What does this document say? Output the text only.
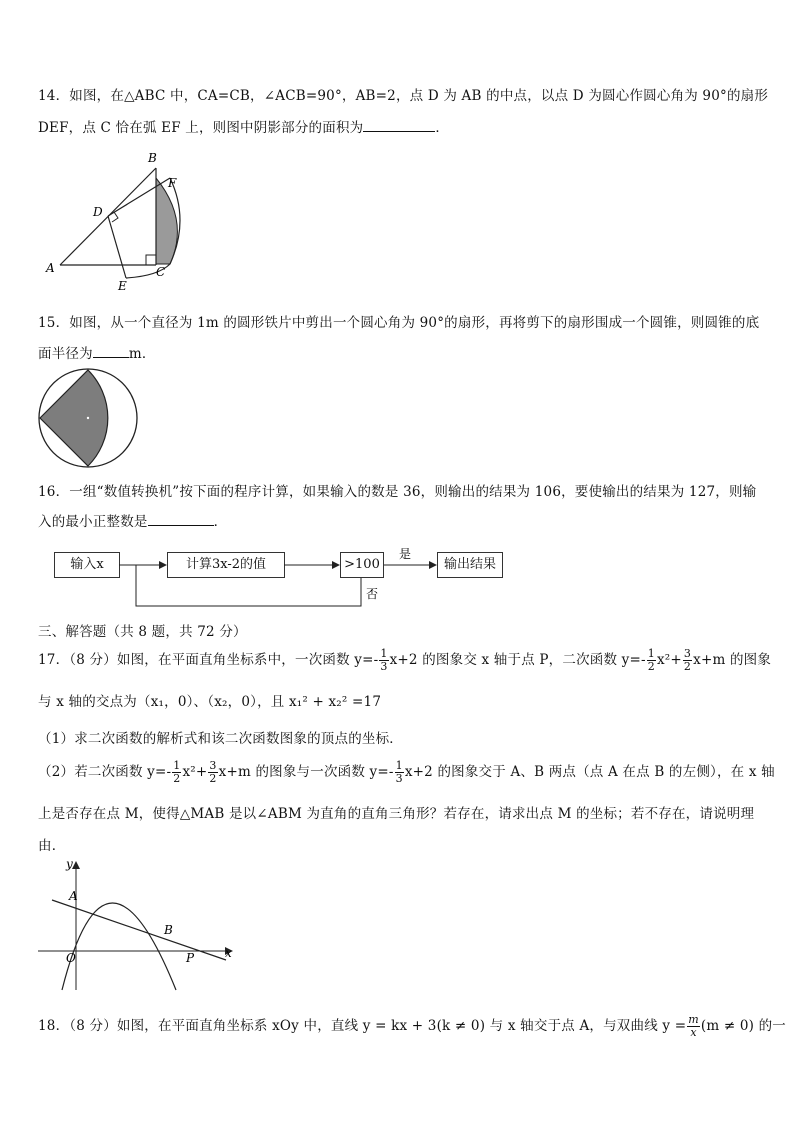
14．如图，在△ABC 中，CA=CB，∠ACB=90°，AB=2，点 D 为 AB 的中点，以点 D 为圆心作圆心角为 90°的扇形
DEF，点 C 恰在弧 EF 上，则图中阴影部分的面积为	．
B
F
D
A	C
E
15．如图，从一个直径为 1m 的圆形铁片中剪出一个圆心角为 90°的扇形，再将剪下的扇形围成一个圆锥，则圆锥的底
面半径为	m．
16．一组“数值转换机”按下面的程序计算，如果输入的数是 36，则输出的结果为 106，要使输出的结果为 127，则输
入的最小正整数是	．
输入x	计算3x-2的值	>100	输出结果
是
否
三、解答题（共 8 题，共 72 分）
17．（8 分）如图，在平面直角坐标系中，一次函数 $y=- \frac{1}{3} x+2$ 的图象交 x 轴于点 P，二次函数 $y=- \frac{1}{2} x^2+ \frac{3}{2} x+m$ 的图象
与 x 轴的交点为（x₁，0）、（x₂，0），且 x₁² + x₂² =17
（1）求二次函数的解析式和该二次函数图象的顶点的坐标．
（2）若二次函数 $y=- \frac{1}{2} x^2+ \frac{3}{2} x+m$ 的图象与一次函数 $y=- \frac{1}{3} x+2$ 的图象交于 A、B 两点（点 A 在点 B 的左侧），在 x 轴
上是否存在点 M，使得△MAB 是以∠ABM 为直角的直角三角形？若存在，请求出点 M 的坐标；若不存在，请说明理
由．
y
x
A
B
O	P
18．（8 分）如图，在平面直角坐标系 xOy 中，直线 y = kx + 3(k ≠ 0) 与 x 轴交于点 A，与双曲线 $y = \frac{m}{x} (m \ne 0)$ 的一
